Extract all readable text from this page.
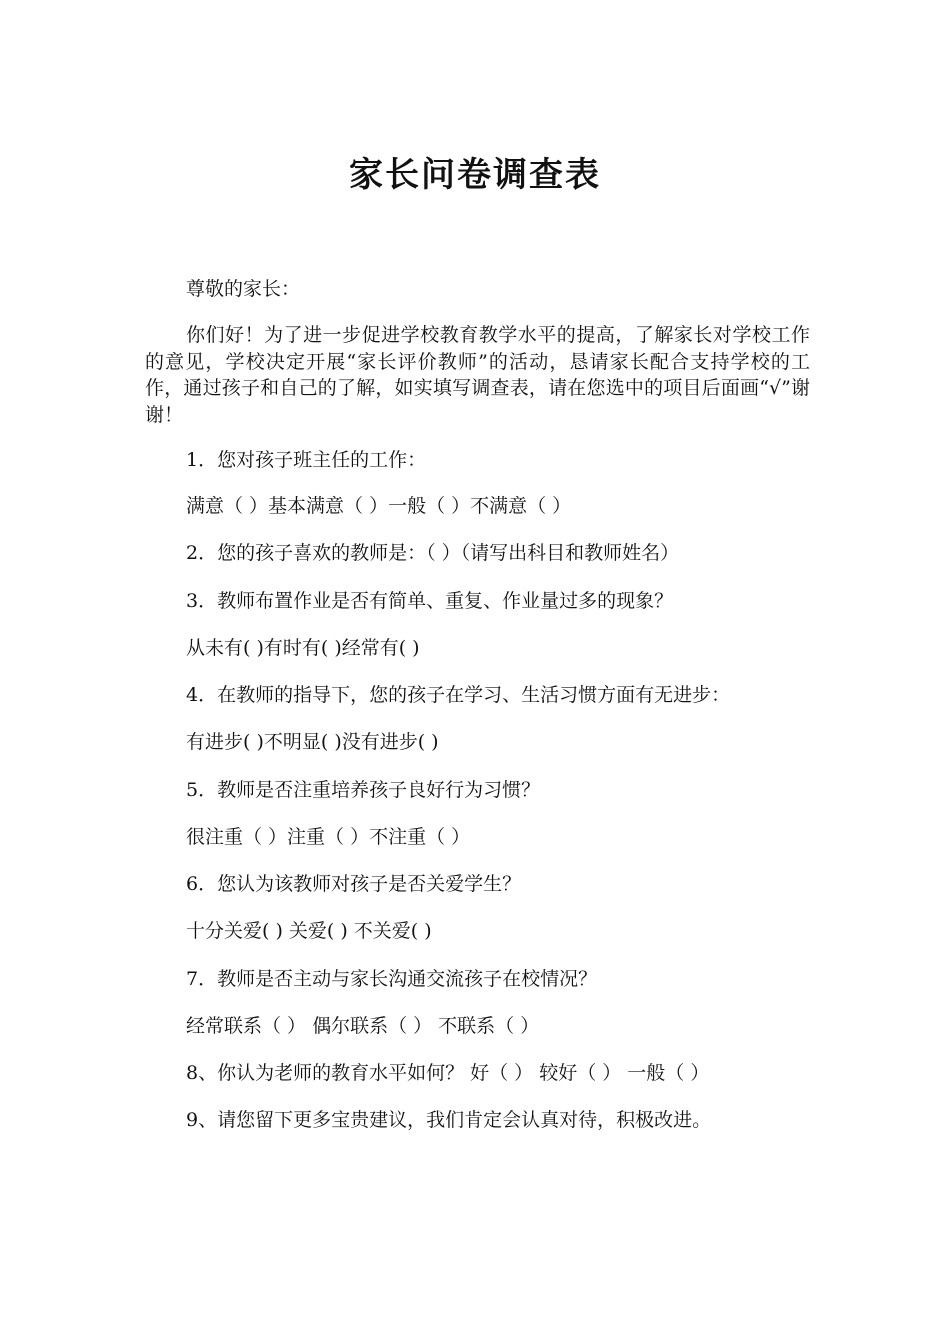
家长问卷调查表
尊敬的家长：
你们好！为了进一步促进学校教育教学水平的提高，了解家长对学校工作的意见，学校决定开展“家长评价教师”的活动，恳请家长配合支持学校的工作，通过孩子和自己的了解，如实填写调查表，请在您选中的项目后面画“√”谢谢！
1．您对孩子班主任的工作：
满意（ ）基本满意（ ）一般（ ）不满意（ ）
2．您的孩子喜欢的教师是：（ ）（请写出科目和教师姓名）
3．教师布置作业是否有简单、重复、作业量过多的现象？
从未有( )有时有( )经常有( )
4．在教师的指导下，您的孩子在学习、生活习惯方面有无进步：
有进步( )不明显( )没有进步( )
5．教师是否注重培养孩子良好行为习惯？
很注重（ ）注重（ ）不注重（ ）
6．您认为该教师对孩子是否关爱学生？
十分关爱( ) 关爱( ) 不关爱( )
7．教师是否主动与家长沟通交流孩子在校情况？
经常联系（ ） 偶尔联系（ ） 不联系（ ）
8、你认为老师的教育水平如何？ 好（ ） 较好（ ） 一般（ ）
9、请您留下更多宝贵建议，我们肯定会认真对待，积极改进。
